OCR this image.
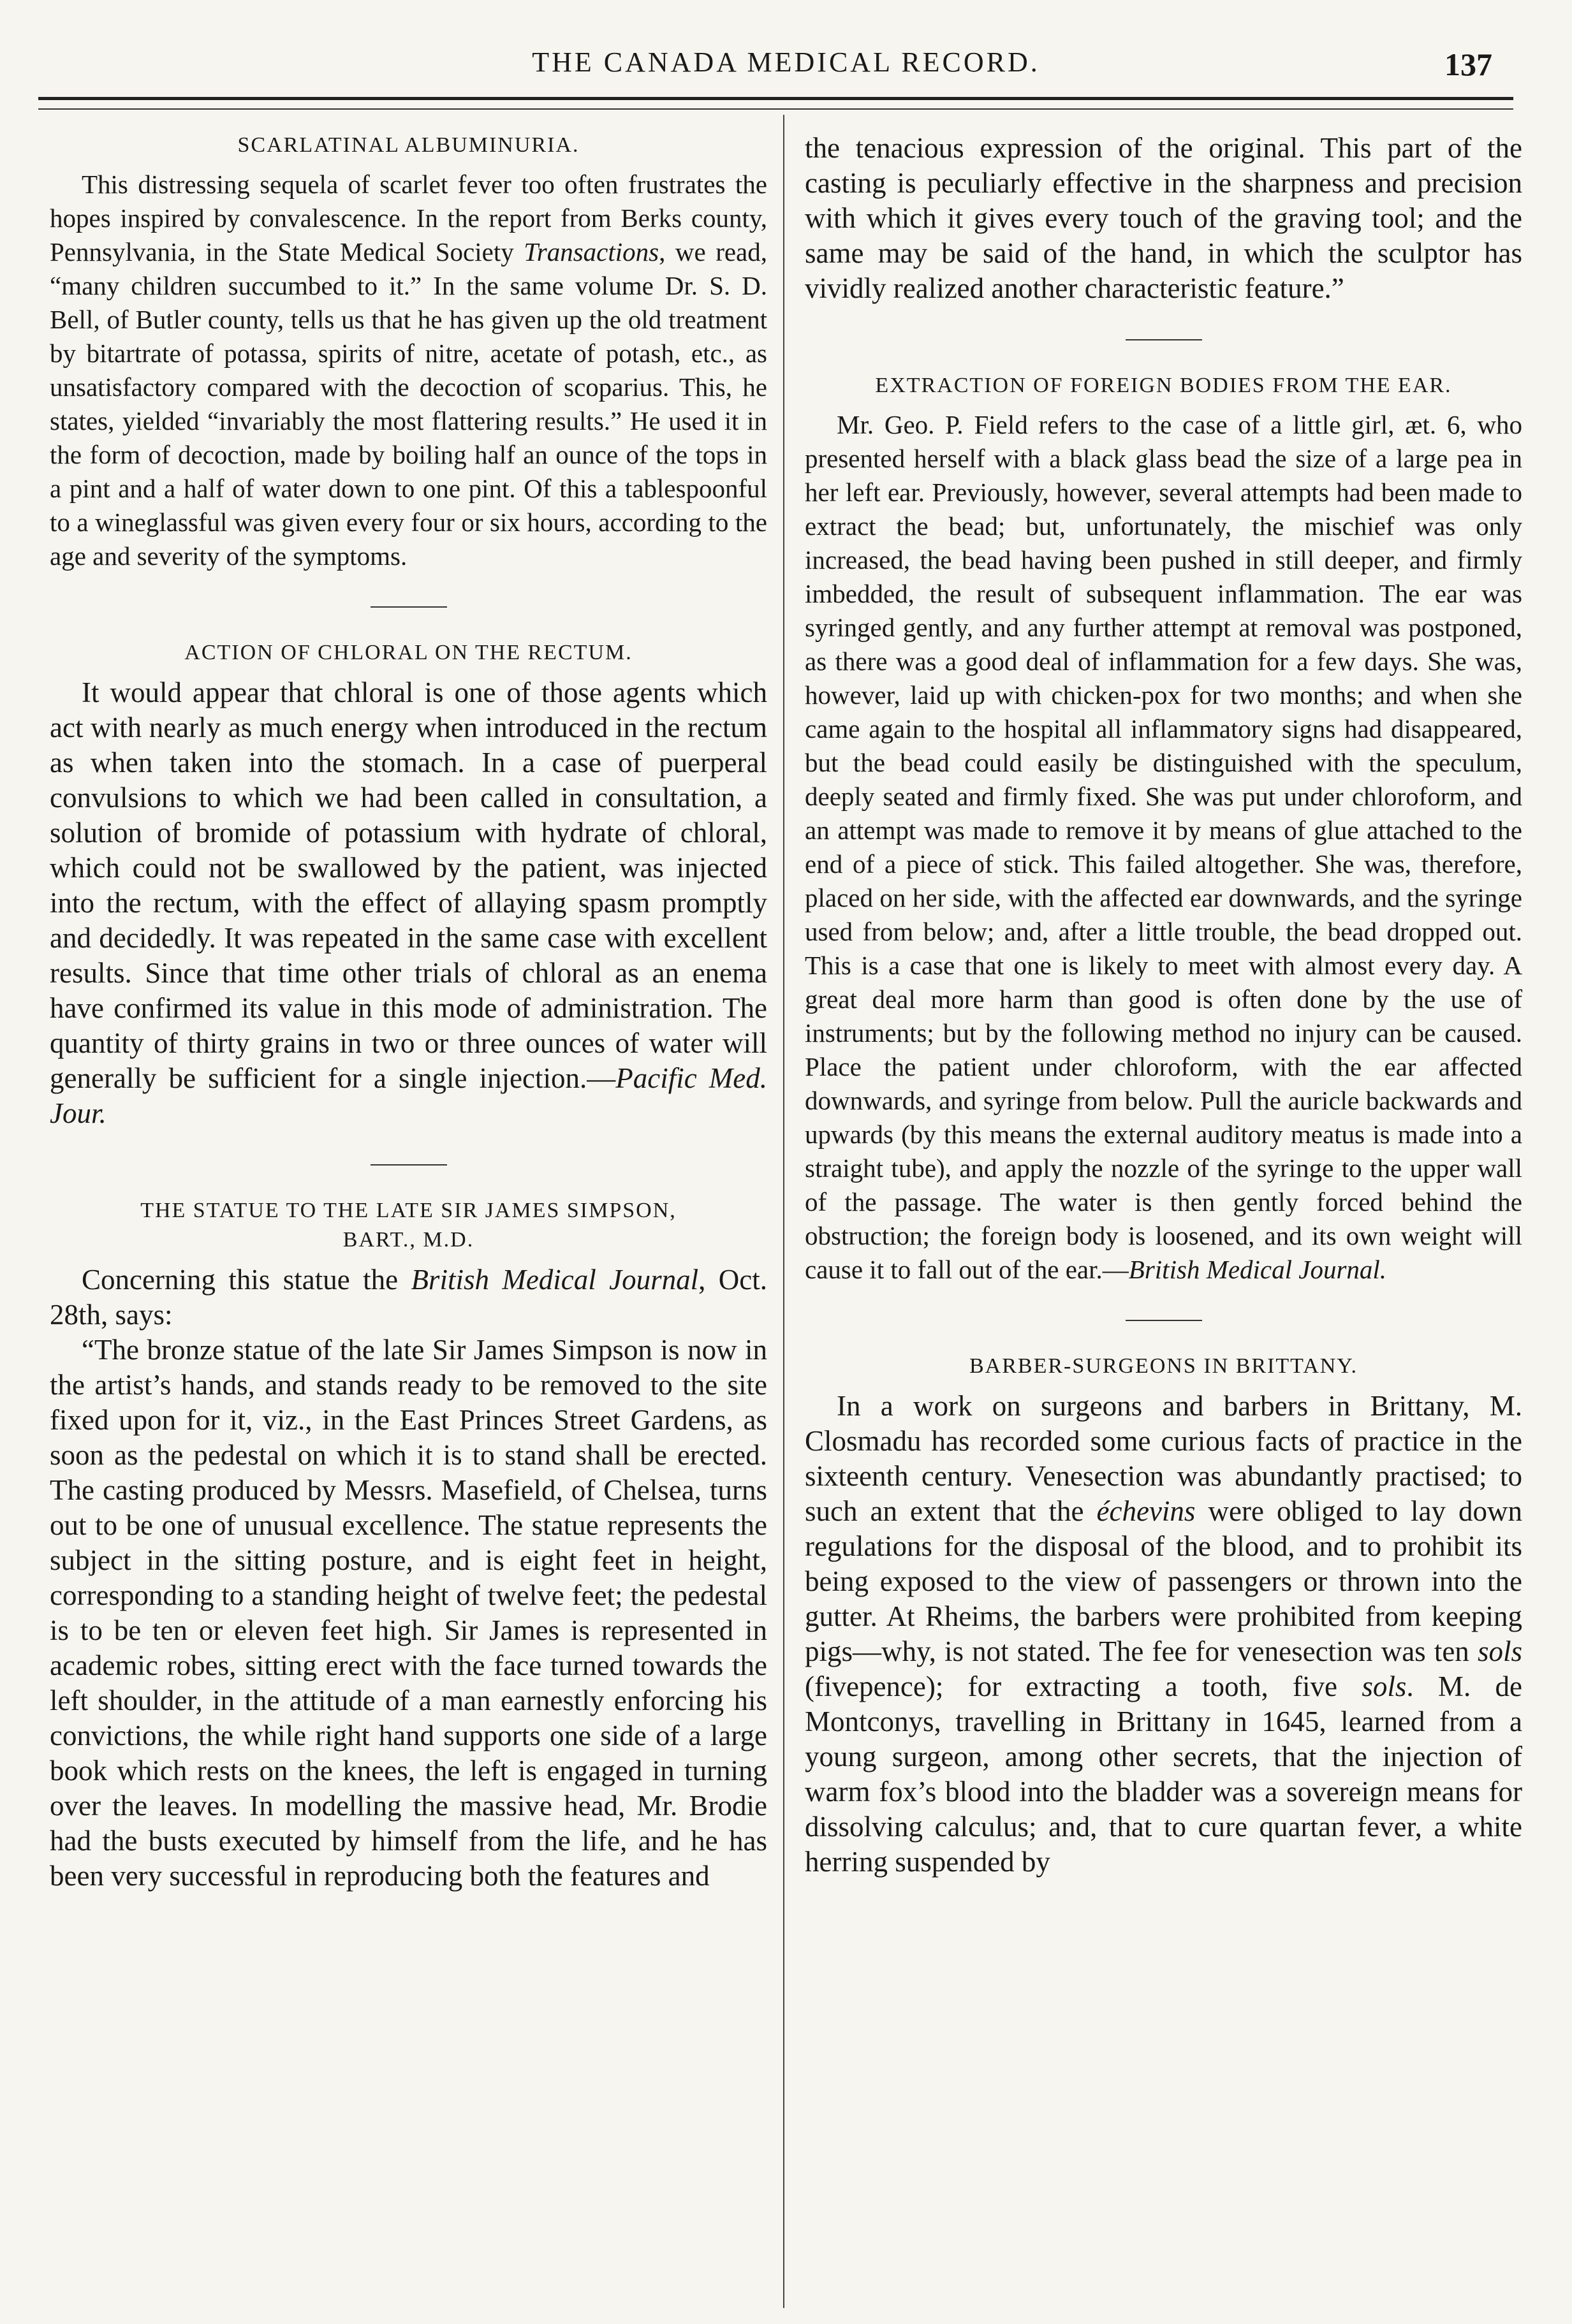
THE CANADA MEDICAL RECORD.	137
SCARLATINAL ALBUMINURIA.

This distressing sequela of scarlet fever too often frustrates the hopes inspired by convalescence. In the report from Berks county, Pennsylvania, in the State Medical Society Transactions, we read, “many children succumbed to it.” In the same volume Dr. S. D. Bell, of Butler county, tells us that he has given up the old treatment by bitartrate of potassa, spirits of nitre, acetate of potash, etc., as unsatisfactory compared with the decoction of scoparius. This, he states, yielded “invariably the most flattering results.” He used it in the form of decoction, made by boiling half an ounce of the tops in a pint and a half of water down to one pint. Of this a tablespoonful to a wineglassful was given every four or six hours, according to the age and severity of the symptoms.

ACTION OF CHLORAL ON THE RECTUM.

It would appear that chloral is one of those agents which act with nearly as much energy when introduced in the rectum as when taken into the stomach. In a case of puerperal convulsions to which we had been called in consultation, a solution of bromide of potassium with hydrate of chloral, which could not be swallowed by the patient, was injected into the rectum, with the effect of allaying spasm promptly and decidedly. It was repeated in the same case with excellent results. Since that time other trials of chloral as an enema have confirmed its value in this mode of administration. The quantity of thirty grains in two or three ounces of water will generally be sufficient for a single injection.—Pacific Med. Jour.

THE STATUE TO THE LATE SIR JAMES SIMPSON,
BART., M.D.

Concerning this statue the British Medical Journal, Oct. 28th, says:

“The bronze statue of the late Sir James Simpson is now in the artist’s hands, and stands ready to be removed to the site fixed upon for it, viz., in the East Princes Street Gardens, as soon as the pedestal on which it is to stand shall be erected. The casting produced by Messrs. Masefield, of Chelsea, turns out to be one of unusual excellence. The statue represents the subject in the sitting posture, and is eight feet in height, corresponding to a standing height of twelve feet; the pedestal is to be ten or eleven feet high. Sir James is represented in academic robes, sitting erect with the face turned towards the left shoulder, in the attitude of a man earnestly enforcing his convictions, the while right hand supports one side of a large book which rests on the knees, the left is engaged in turning over the leaves. In modelling the massive head, Mr. Brodie had the busts executed by himself from the life, and he has been very successful in reproducing both the features and

the tenacious expression of the original. This part of the casting is peculiarly effective in the sharpness and precision with which it gives every touch of the graving tool; and the same may be said of the hand, in which the sculptor has vividly realized another characteristic feature.”

EXTRACTION OF FOREIGN BODIES FROM THE EAR.

Mr. Geo. P. Field refers to the case of a little girl, æt. 6, who presented herself with a black glass bead the size of a large pea in her left ear. Previously, however, several attempts had been made to extract the bead; but, unfortunately, the mischief was only increased, the bead having been pushed in still deeper, and firmly imbedded, the result of subsequent inflammation. The ear was syringed gently, and any further attempt at removal was postponed, as there was a good deal of inflammation for a few days. She was, however, laid up with chicken-pox for two months; and when she came again to the hospital all inflammatory signs had disappeared, but the bead could easily be distinguished with the speculum, deeply seated and firmly fixed. She was put under chloroform, and an attempt was made to remove it by means of glue attached to the end of a piece of stick. This failed altogether. She was, therefore, placed on her side, with the affected ear downwards, and the syringe used from below; and, after a little trouble, the bead dropped out. This is a case that one is likely to meet with almost every day. A great deal more harm than good is often done by the use of instruments; but by the following method no injury can be caused. Place the patient under chloroform, with the ear affected downwards, and syringe from below. Pull the auricle backwards and upwards (by this means the external auditory meatus is made into a straight tube), and apply the nozzle of the syringe to the upper wall of the passage. The water is then gently forced behind the obstruction; the foreign body is loosened, and its own weight will cause it to fall out of the ear.—British Medical Journal.

BARBER-SURGEONS IN BRITTANY.

In a work on surgeons and barbers in Brittany, M. Closmadu has recorded some curious facts of practice in the sixteenth century. Venesection was abundantly practised; to such an extent that the échevins were obliged to lay down regulations for the disposal of the blood, and to prohibit its being exposed to the view of passengers or thrown into the gutter. At Rheims, the barbers were prohibited from keeping pigs—why, is not stated. The fee for venesection was ten sols (fivepence); for extracting a tooth, five sols. M. de Montconys, travelling in Brittany in 1645, learned from a young surgeon, among other secrets, that the injection of warm fox’s blood into the bladder was a sovereign means for dissolving calculus; and, that to cure quartan fever, a white herring suspended by
